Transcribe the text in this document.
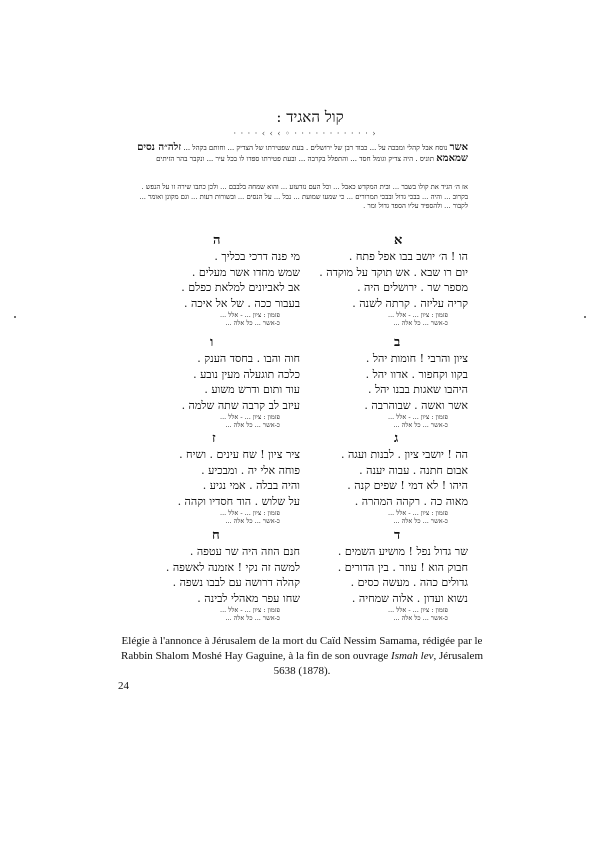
קול האגיד :
· · · · ‹ ‹ ‹ ◦ · · · · · · · · · · · ›
אשר נוסח אבל קהלי ומבכה על ... כבוד רבן של ירושלים . בעת שפטירתו של הצדיק ... וחותם בקהל ... זלה״ה נסים שמאמא תוניס . היה צדיק וגומל חסד ... והתפלל בקרבה ... ובעת פטירתו ספדו לו בכל עיר ... ונקבר בהר הזיתים
אז ה׳ הגיד את קולו בשבר ... ובית המקדש כאבל ... וכל העם נזדעזע ... והוא שמחה בלבבם ... ולכן כתבו שירה זו על הנפש . בקרוב ... והיה ... בבכי גדול ובבכי תמרורים ... כי שמעו שמועת ... נבל ... על הנסים ... ובשורות רעות ... וגם מקונן ואומר ... לקבור ... ולהספיד עליו הספד גדול ומר .
א
הו ! ה׳ יושב בבו אפל פתח .
יום רו שבא . אש תוקד על מוקדה .
מספר שר . ירושלים היה .
קריה עליזה . קרתה לשנה .
פזמון : ציון ... - אלל ...
כ-אשר ... כל אלה ...
ה
מי פנה דרכי בכליך .
שמש מחדו אשר מעלים .
אב לאביונים למלאת כפלם .
בעבור ככה . של אל איכה .
פזמון : ציון ... - אלל ...
כ-אשר ... כל אלה ...
ב
ציון והרבי ! חומות יהל .
בקוו וקחפור . אדוו יהל .
היהבו שאגות בבנו יהל .
אשר ואשה . שבוהרבה .
פזמון : ציון ... - אלל ...
כ-אשר ... כל אלה ...
ו
חוה והבו . בחסד הענק .
כלכה תוגעלה מעין נובע .
עוד ותום ודרש משוע .
עיזב לב קרבה שתה שלמה .
פזמון : ציון ... - אלל ...
כ-אשר ... כל אלה ...
ג
הה ! יושבי ציון . לבנות ועגה .
אבום חתנה . עבוה יענה .
היהו ! לא דמי ! שפים קנה .
מאוה כה . רקהה המהרה .
פזמון : ציון ... - אלל ...
כ-אשר ... כל אלה ...
ז
ציר ציון ! שח עינים . ושיח .
פוחה אלי יה . ומבכיע .
והיה בבלה . אמי נגיע .
על שלוש . הוד חסדיו וקהה .
פזמון : ציון ... - אלל ...
כ-אשר ... כל אלה ...
ד
שר גדול נפל ! מושיע השמים .
חבוק הוא ! עוזר . בין הדורים .
גדולים כהה . מעשה כסים .
נשוא ועדון . אלוה שמחיה .
פזמון : ציון ... - אלל ...
כ-אשר ... כל אלה ...
ח
חנם הוזה היה שר עטפה .
למשה זה נקי ! אזמנה לאשפה .
קהלה דרושה עם לבבו נשפה .
שחו עפר מאהלי לבינה .
פזמון : ציון ... - אלל ...
כ-אשר ... כל אלה ...
Elégie à l'annonce à Jérusalem de la mort du Caïd Nessim Samama, rédigée par le
Rabbin Shalom Moshé Hay Gaguine, à la fin de son ouvrage Ismah lev, Jérusalem
5638 (1878).
24
